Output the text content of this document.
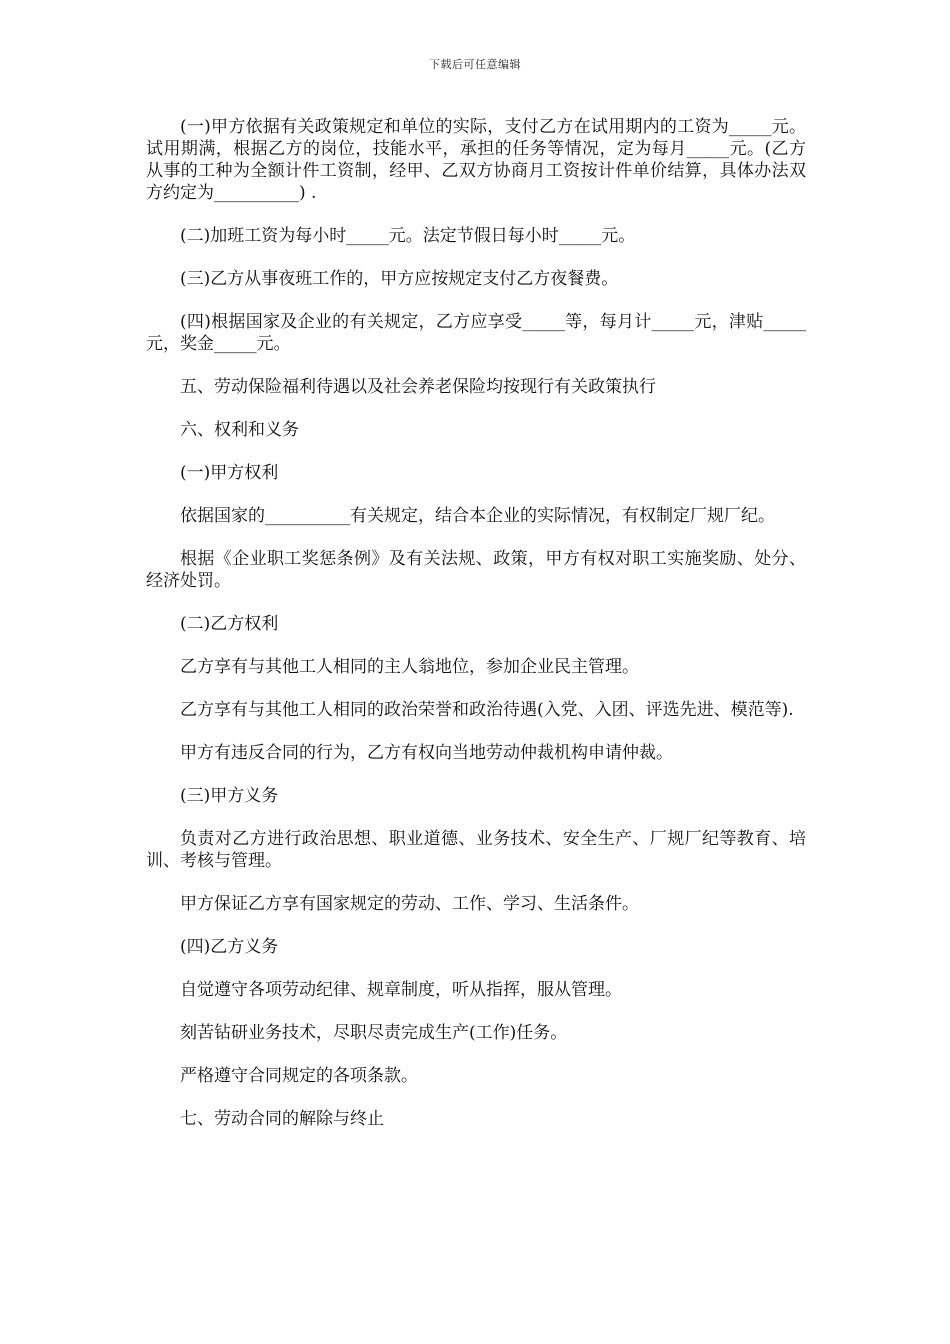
下载后可任意编辑

(一)甲方依据有关政策规定和单位的实际，支付乙方在试用期内的工资为_____元。试用期满，根据乙方的岗位，技能水平，承担的任务等情况，定为每月_____元。(乙方从事的工种为全额计件工资制，经甲、乙双方协商月工资按计件单价结算，具体办法双方约定为__________) .

(二)加班工资为每小时_____元。法定节假日每小时_____元。

(三)乙方从事夜班工作的，甲方应按规定支付乙方夜餐费。

(四)根据国家及企业的有关规定，乙方应享受_____等，每月计_____元，津贴_____元，奖金_____元。

五、劳动保险福利待遇以及社会养老保险均按现行有关政策执行

六、权利和义务

(一)甲方权利

依据国家的__________有关规定，结合本企业的实际情况，有权制定厂规厂纪。

根据《企业职工奖惩条例》及有关法规、政策，甲方有权对职工实施奖励、处分、经济处罚。

(二)乙方权利

乙方享有与其他工人相同的主人翁地位，参加企业民主管理。

乙方享有与其他工人相同的政治荣誉和政治待遇(入党、入团、评选先进、模范等).

甲方有违反合同的行为，乙方有权向当地劳动仲裁机构申请仲裁。

(三)甲方义务

负责对乙方进行政治思想、职业道德、业务技术、安全生产、厂规厂纪等教育、培训、考核与管理。

甲方保证乙方享有国家规定的劳动、工作、学习、生活条件。

(四)乙方义务

自觉遵守各项劳动纪律、规章制度，听从指挥，服从管理。

刻苦钻研业务技术，尽职尽责完成生产(工作)任务。

严格遵守合同规定的各项条款。

七、劳动合同的解除与终止
